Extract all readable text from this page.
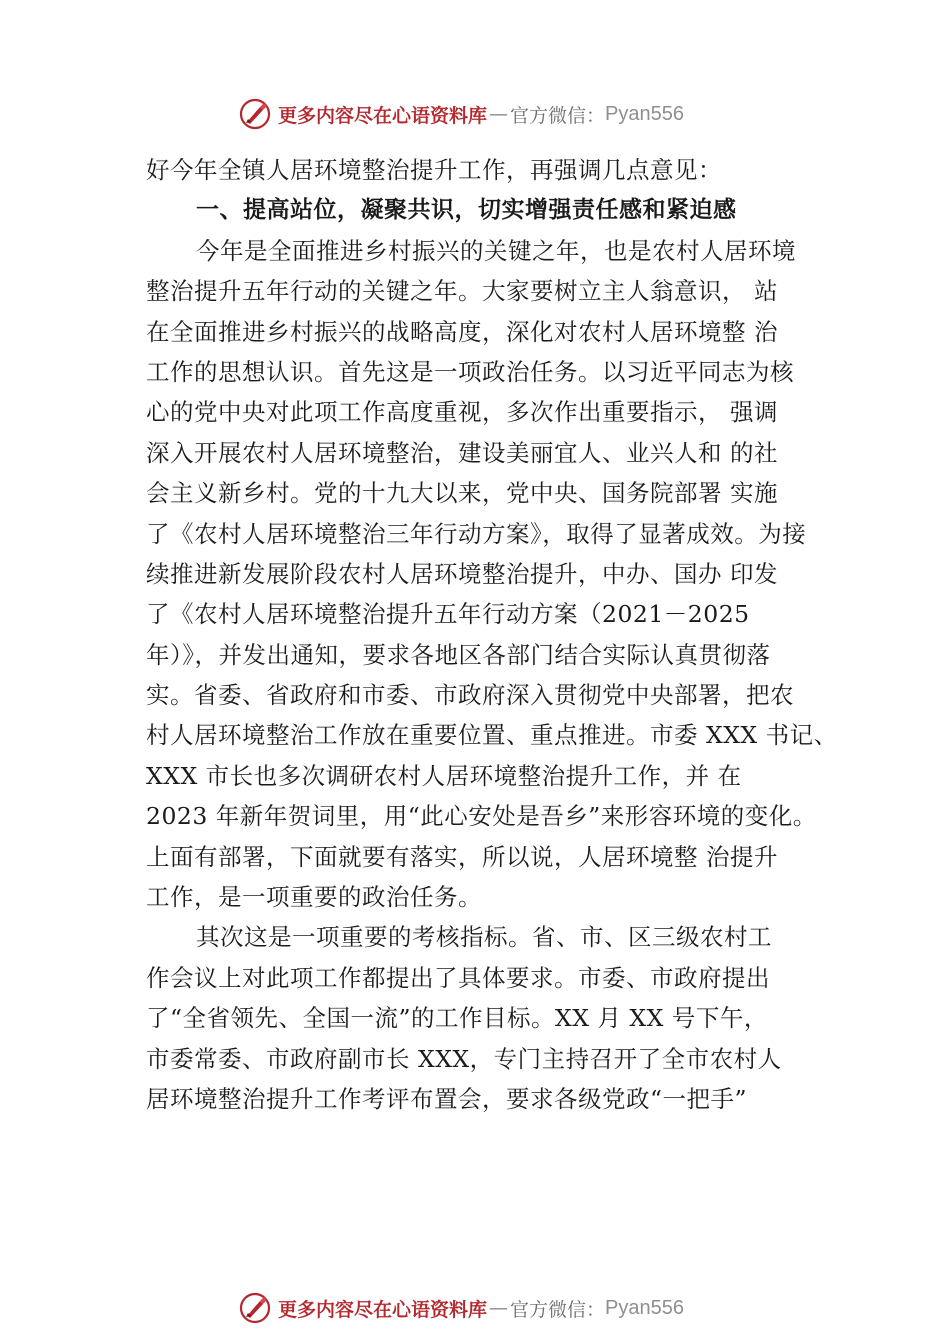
更多内容尽在心语资料库 — 官方微信： Pyan556
好今年全镇人居环境整治提升工作，再强调几点意见：
一、提高站位，凝聚共识，切实增强责任感和紧迫感
今年是全面推进乡村振兴的关键之年，也是农村人居环境
整治提升五年行动的关键之年。大家要树立主人翁意识， 站
在全面推进乡村振兴的战略高度，深化对农村人居环境整 治
工作的思想认识。首先这是一项政治任务。以习近平同志为核
心的党中央对此项工作高度重视，多次作出重要指示， 强调
深入开展农村人居环境整治，建设美丽宜人、业兴人和 的社
会主义新乡村。党的十九大以来，党中央、国务院部署 实施
了《农村人居环境整治三年行动方案》，取得了显著成效。为接
续推进新发展阶段农村人居环境整治提升，中办、国办 印发
了《农村人居环境整治提升五年行动方案（2021－2025
年）》，并发出通知，要求各地区各部门结合实际认真贯彻落
实。省委、省政府和市委、市政府深入贯彻党中央部署，把农
村人居环境整治工作放在重要位置、重点推进。市委 XXX 书记、
XXX 市长也多次调研农村人居环境整治提升工作，并 在
2023 年新年贺词里，用“此心安处是吾乡”来形容环境的变化。
上面有部署，下面就要有落实，所以说，人居环境整 治提升
工作，是一项重要的政治任务。
其次这是一项重要的考核指标。省、市、区三级农村工
作会议上对此项工作都提出了具体要求。市委、市政府提出
了“全省领先、全国一流”的工作目标。XX 月 XX 号下午，
市委常委、市政府副市长 XXX，专门主持召开了全市农村人
居环境整治提升工作考评布置会，要求各级党政“一把手”
更多内容尽在心语资料库 — 官方微信： Pyan556
